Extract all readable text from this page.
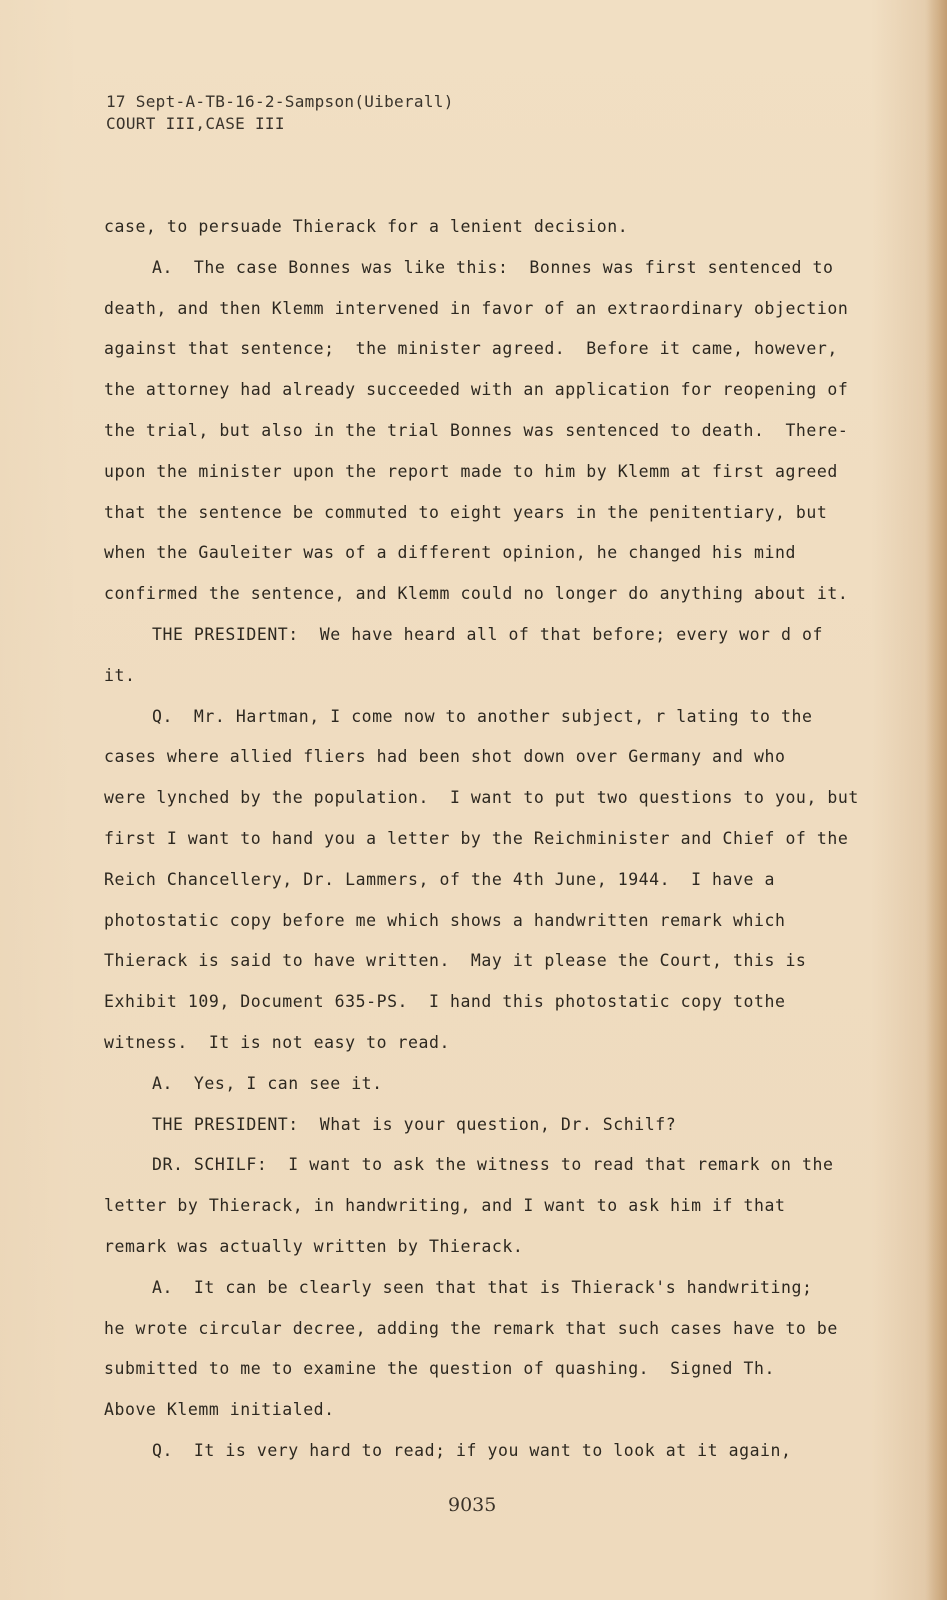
17 Sept-A-TB-16-2-Sampson(Uiberall)
COURT III,CASE III
case, to persuade Thierack for a lenient decision.
A.  The case Bonnes was like this:  Bonnes was first sentenced to
death, and then Klemm intervened in favor of an extraordinary objection
against that sentence;  the minister agreed.  Before it came, however,
the attorney had already succeeded with an application for reopening of
the trial, but also in the trial Bonnes was sentenced to death.  There-
upon the minister upon the report made to him by Klemm at first agreed
that the sentence be commuted to eight years in the penitentiary, but
when the Gauleiter was of a different opinion, he changed his mind
confirmed the sentence, and Klemm could no longer do anything about it.
THE PRESIDENT:  We have heard all of that before; every wor d of
it.
Q.  Mr. Hartman, I come now to another subject, r lating to the
cases where allied fliers had been shot down over Germany and who
were lynched by the population.  I want to put two questions to you, but
first I want to hand you a letter by the Reichminister and Chief of the
Reich Chancellery, Dr. Lammers, of the 4th June, 1944.  I have a
photostatic copy before me which shows a handwritten remark which
Thierack is said to have written.  May it please the Court, this is
Exhibit 109, Document 635-PS.  I hand this photostatic copy tothe
witness.  It is not easy to read.
A.  Yes, I can see it.
THE PRESIDENT:  What is your question, Dr. Schilf?
DR. SCHILF:  I want to ask the witness to read that remark on the
letter by Thierack, in handwriting, and I want to ask him if that
remark was actually written by Thierack.
A.  It can be clearly seen that that is Thierack's handwriting;
he wrote circular decree, adding the remark that such cases have to be
submitted to me to examine the question of quashing.  Signed Th.
Above Klemm initialed.
Q.  It is very hard to read; if you want to look at it again,
9035
